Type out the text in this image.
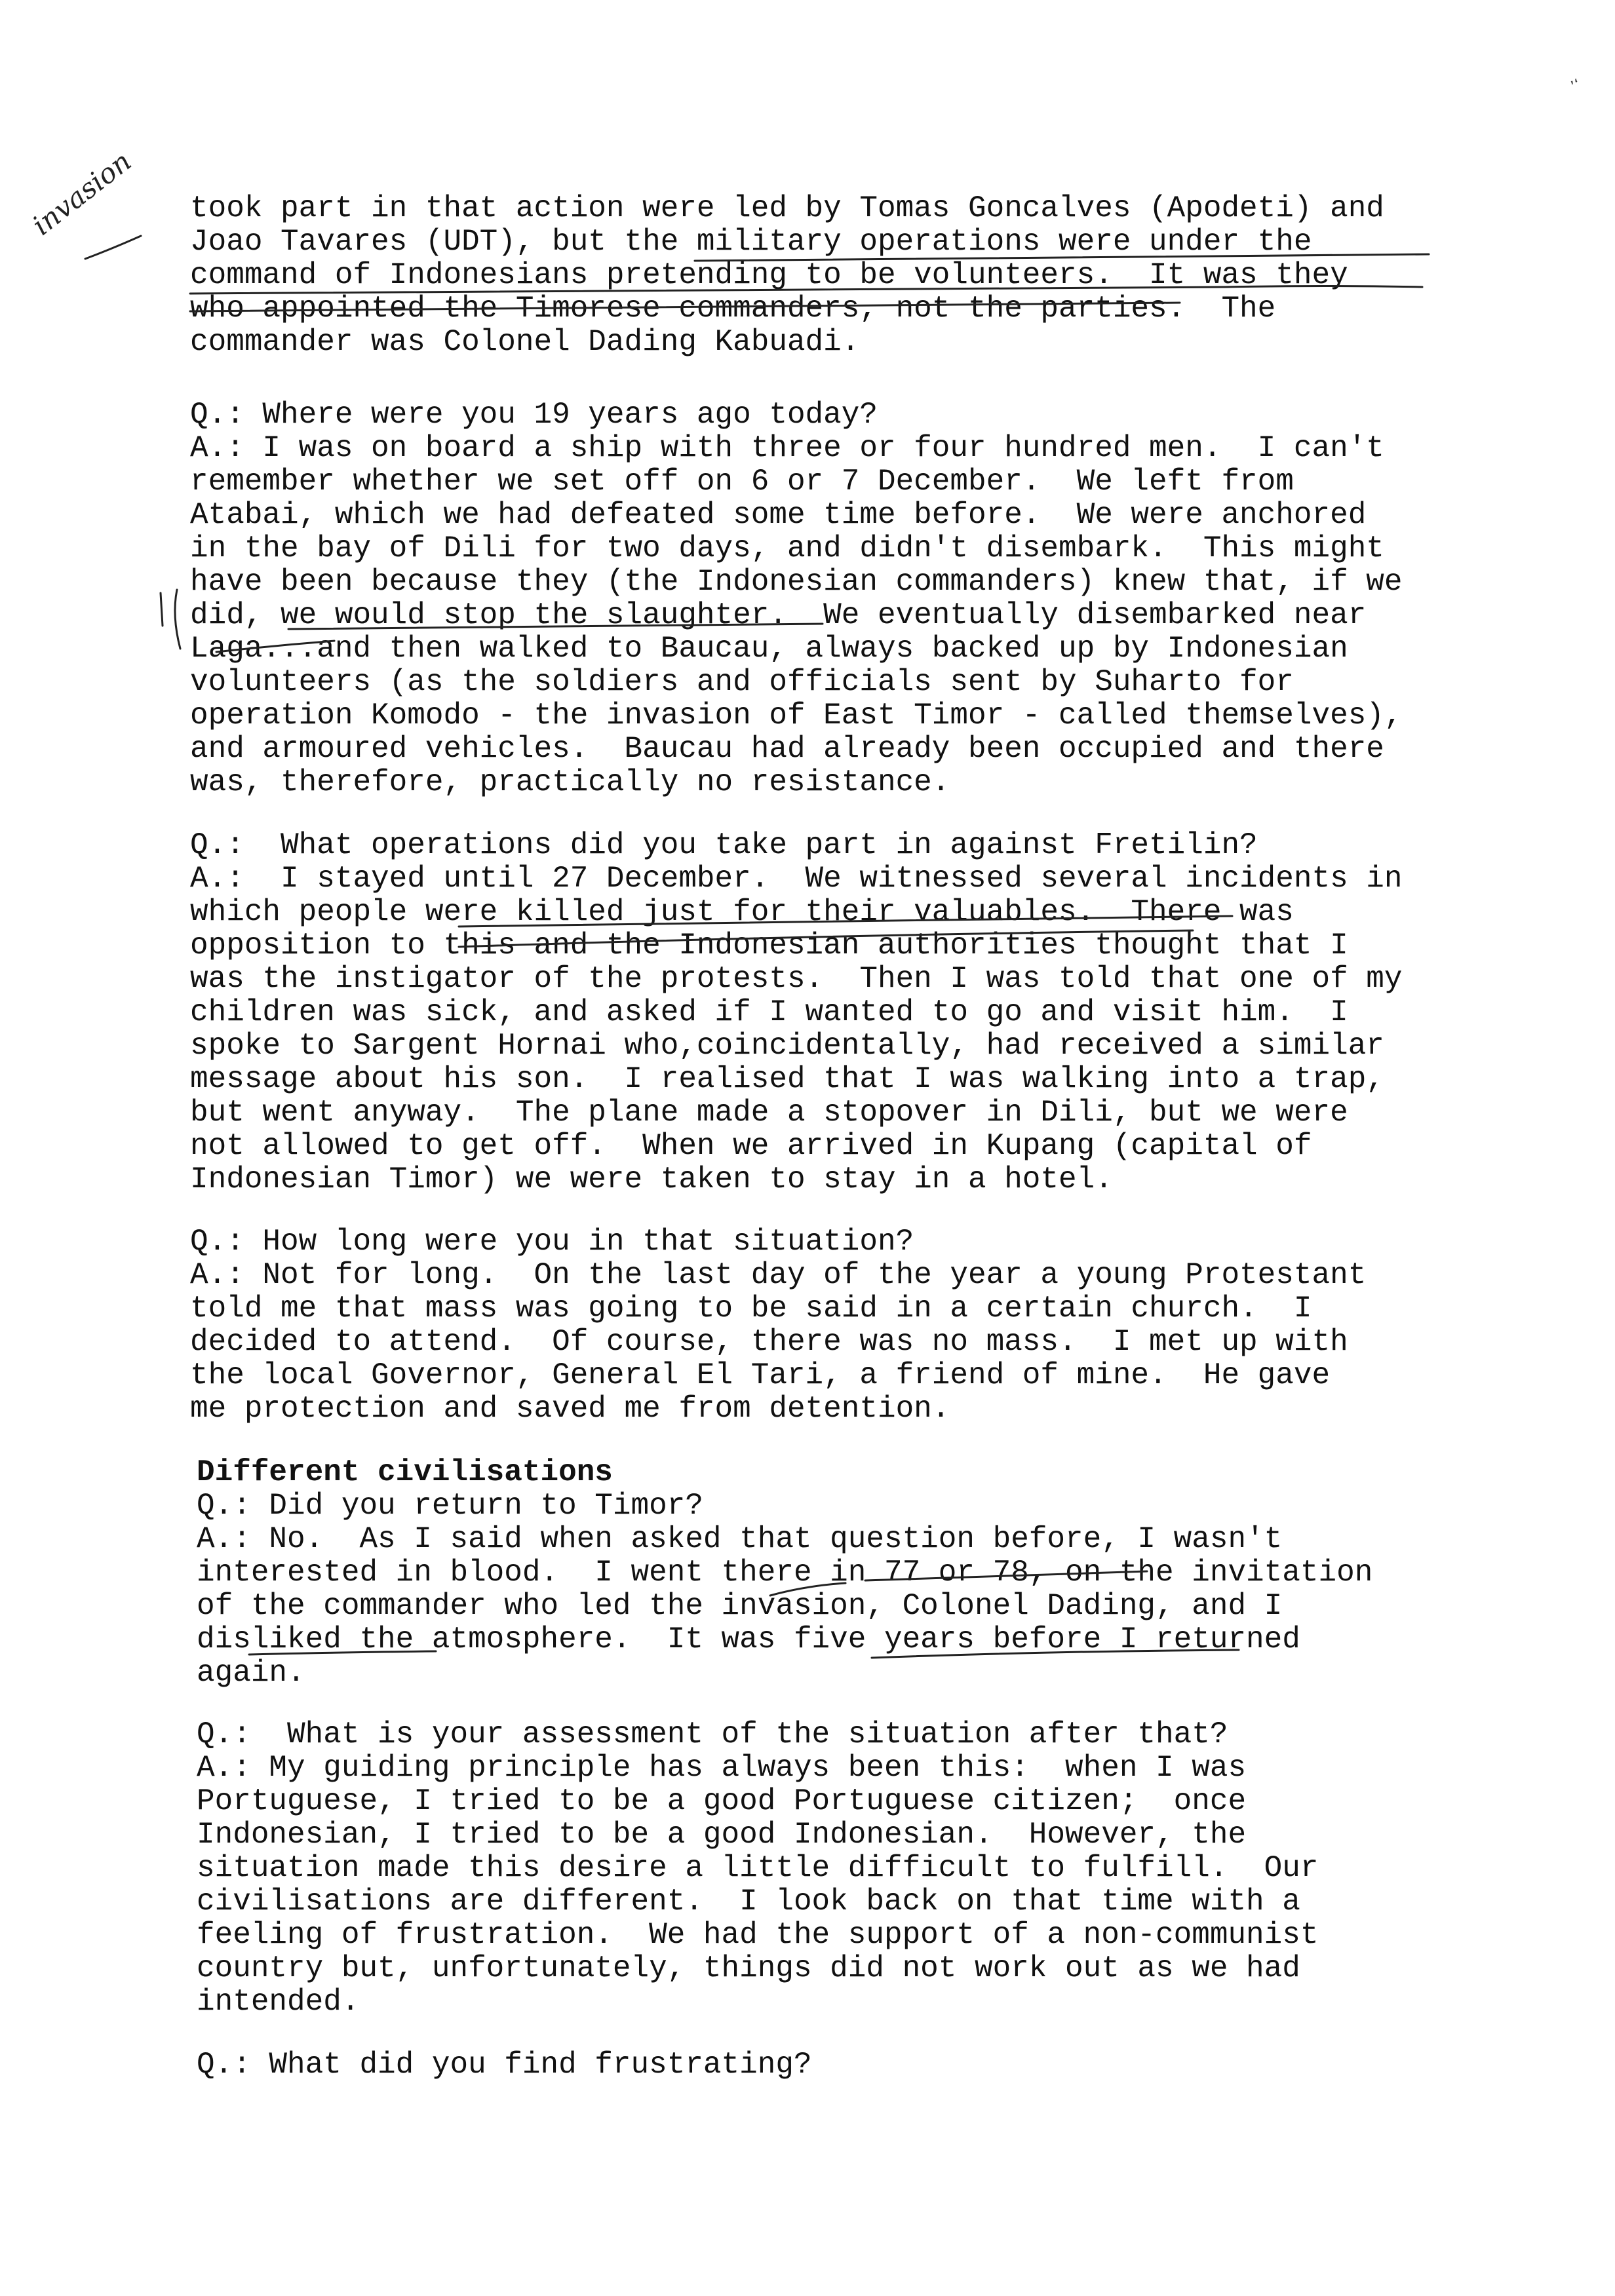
invasion
ʼʻ
took part in that action were led by Tomas Goncalves (Apodeti) and
Joao Tavares (UDT), but the military operations were under the
command of Indonesians pretending to be volunteers.  It was they
who appointed the Timorese commanders, not the parties.  The
commander was Colonel Dading Kabuadi.
Q.: Where were you 19 years ago today?
A.: I was on board a ship with three or four hundred men.  I can't
remember whether we set off on 6 or 7 December.  We left from
Atabai, which we had defeated some time before.  We were anchored
in the bay of Dili for two days, and didn't disembark.  This might
have been because they (the Indonesian commanders) knew that, if we
did, we would stop the slaughter.  We eventually disembarked near
Laga...and then walked to Baucau, always backed up by Indonesian
volunteers (as the soldiers and officials sent by Suharto for
operation Komodo - the invasion of East Timor - called themselves),
and armoured vehicles.  Baucau had already been occupied and there
was, therefore, practically no resistance.
Q.:  What operations did you take part in against Fretilin?
A.:  I stayed until 27 December.  We witnessed several incidents in
which people were killed just for their valuables.  There was
opposition to this and the Indonesian authorities thought that I
was the instigator of the protests.  Then I was told that one of my
children was sick, and asked if I wanted to go and visit him.  I
spoke to Sargent Hornai who,coincidentally, had received a similar
message about his son.  I realised that I was walking into a trap,
but went anyway.  The plane made a stopover in Dili, but we were
not allowed to get off.  When we arrived in Kupang (capital of
Indonesian Timor) we were taken to stay in a hotel.
Q.: How long were you in that situation?
A.: Not for long.  On the last day of the year a young Protestant
told me that mass was going to be said in a certain church.  I
decided to attend.  Of course, there was no mass.  I met up with
the local Governor, General El Tari, a friend of mine.  He gave
me protection and saved me from detention.
Different civilisations
Q.: Did you return to Timor?
A.: No.  As I said when asked that question before, I wasn't
interested in blood.  I went there in 77 or 78, on the invitation
of the commander who led the invasion, Colonel Dading, and I
disliked the atmosphere.  It was five years before I returned
again.
Q.:  What is your assessment of the situation after that?
A.: My guiding principle has always been this:  when I was
Portuguese, I tried to be a good Portuguese citizen;  once
Indonesian, I tried to be a good Indonesian.  However, the
situation made this desire a little difficult to fulfill.  Our
civilisations are different.  I look back on that time with a
feeling of frustration.  We had the support of a non-communist
country but, unfortunately, things did not work out as we had
intended.
Q.: What did you find frustrating?
